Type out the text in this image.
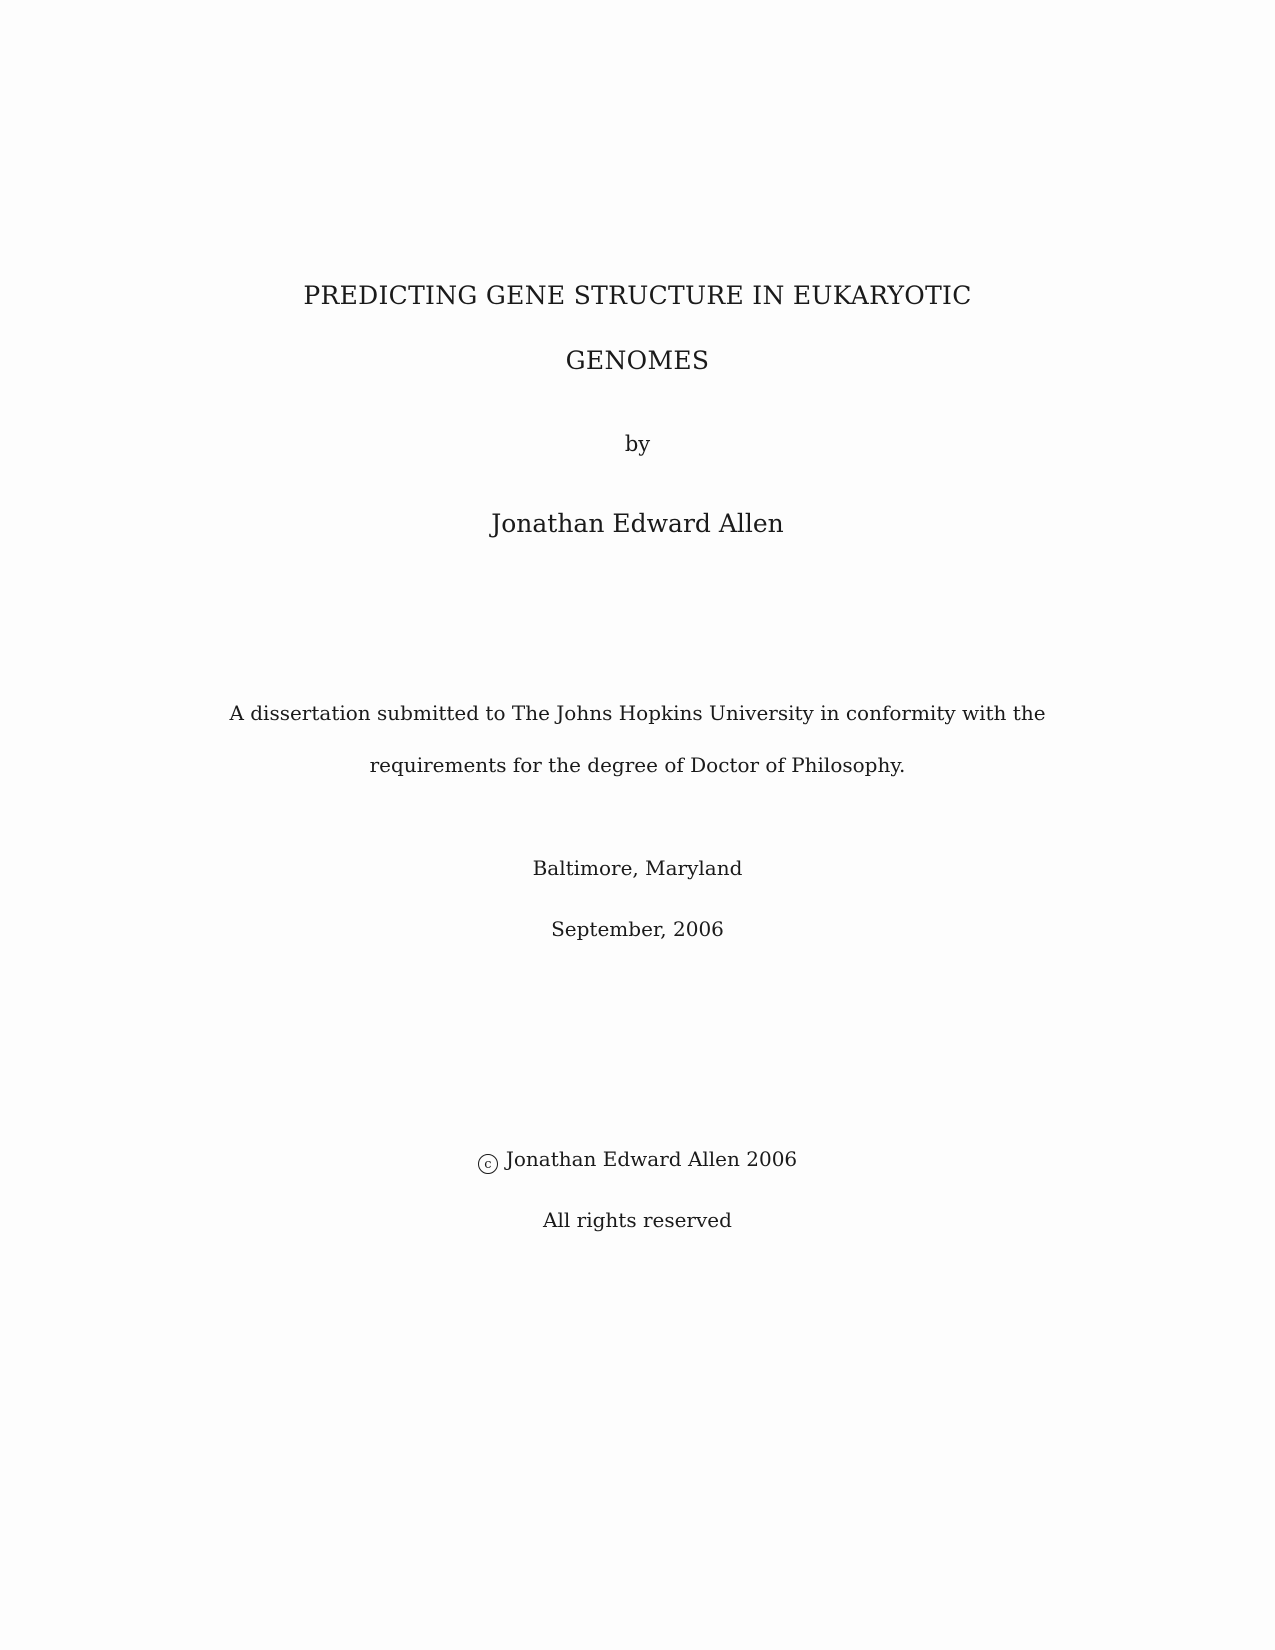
PREDICTING GENE STRUCTURE IN EUKARYOTIC
GENOMES
by
Jonathan Edward Allen
A dissertation submitted to The Johns Hopkins University in conformity with the
requirements for the degree of Doctor of Philosophy.
Baltimore, Maryland
September, 2006
c Jonathan Edward Allen 2006
All rights reserved
